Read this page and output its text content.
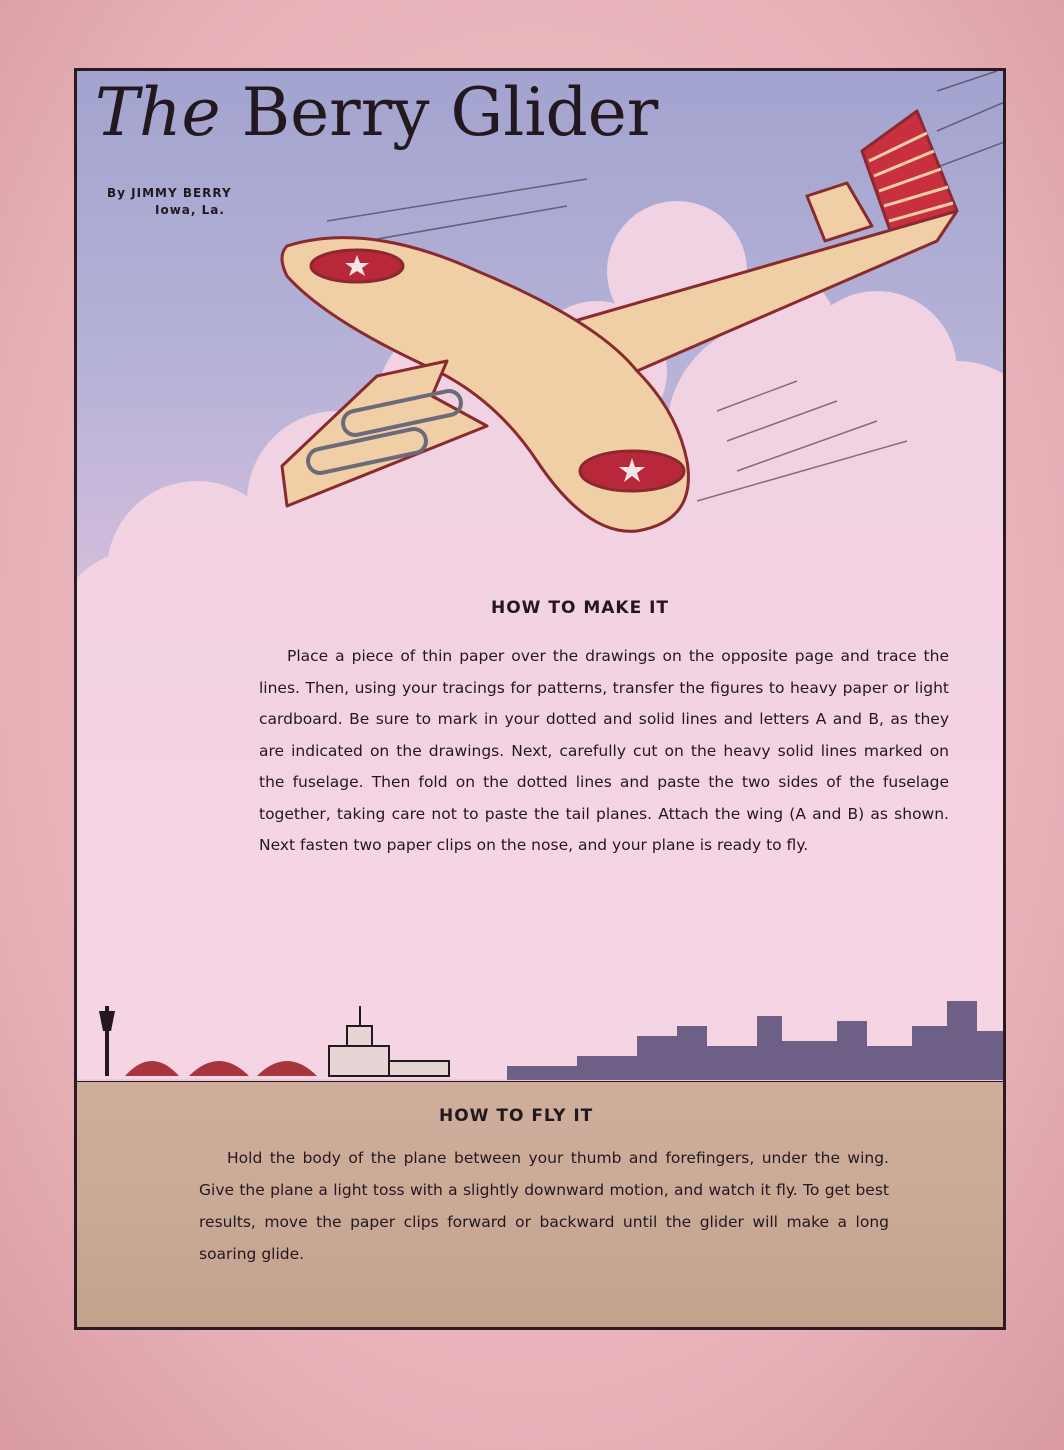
The Berry Glider
By JIMMY BERRY
Iowa, La.
HOW TO MAKE IT

Place a piece of thin paper over the drawings on the opposite page and trace the lines. Then, using your tracings for patterns, transfer the figures to heavy paper or light cardboard. Be sure to mark in your dotted and solid lines and letters A and B, as they are indicated on the drawings. Next, carefully cut on the heavy solid lines marked on the fuselage. Then fold on the dotted lines and paste the two sides of the fuselage together, taking care not to paste the tail planes. Attach the wing (A and B) as shown. Next fasten two paper clips on the nose, and your plane is ready to fly.

HOW TO FLY IT

Hold the body of the plane between your thumb and forefingers, under the wing. Give the plane a light toss with a slightly downward motion, and watch it fly. To get best results, move the paper clips forward or backward until the glider will make a long soaring glide.
